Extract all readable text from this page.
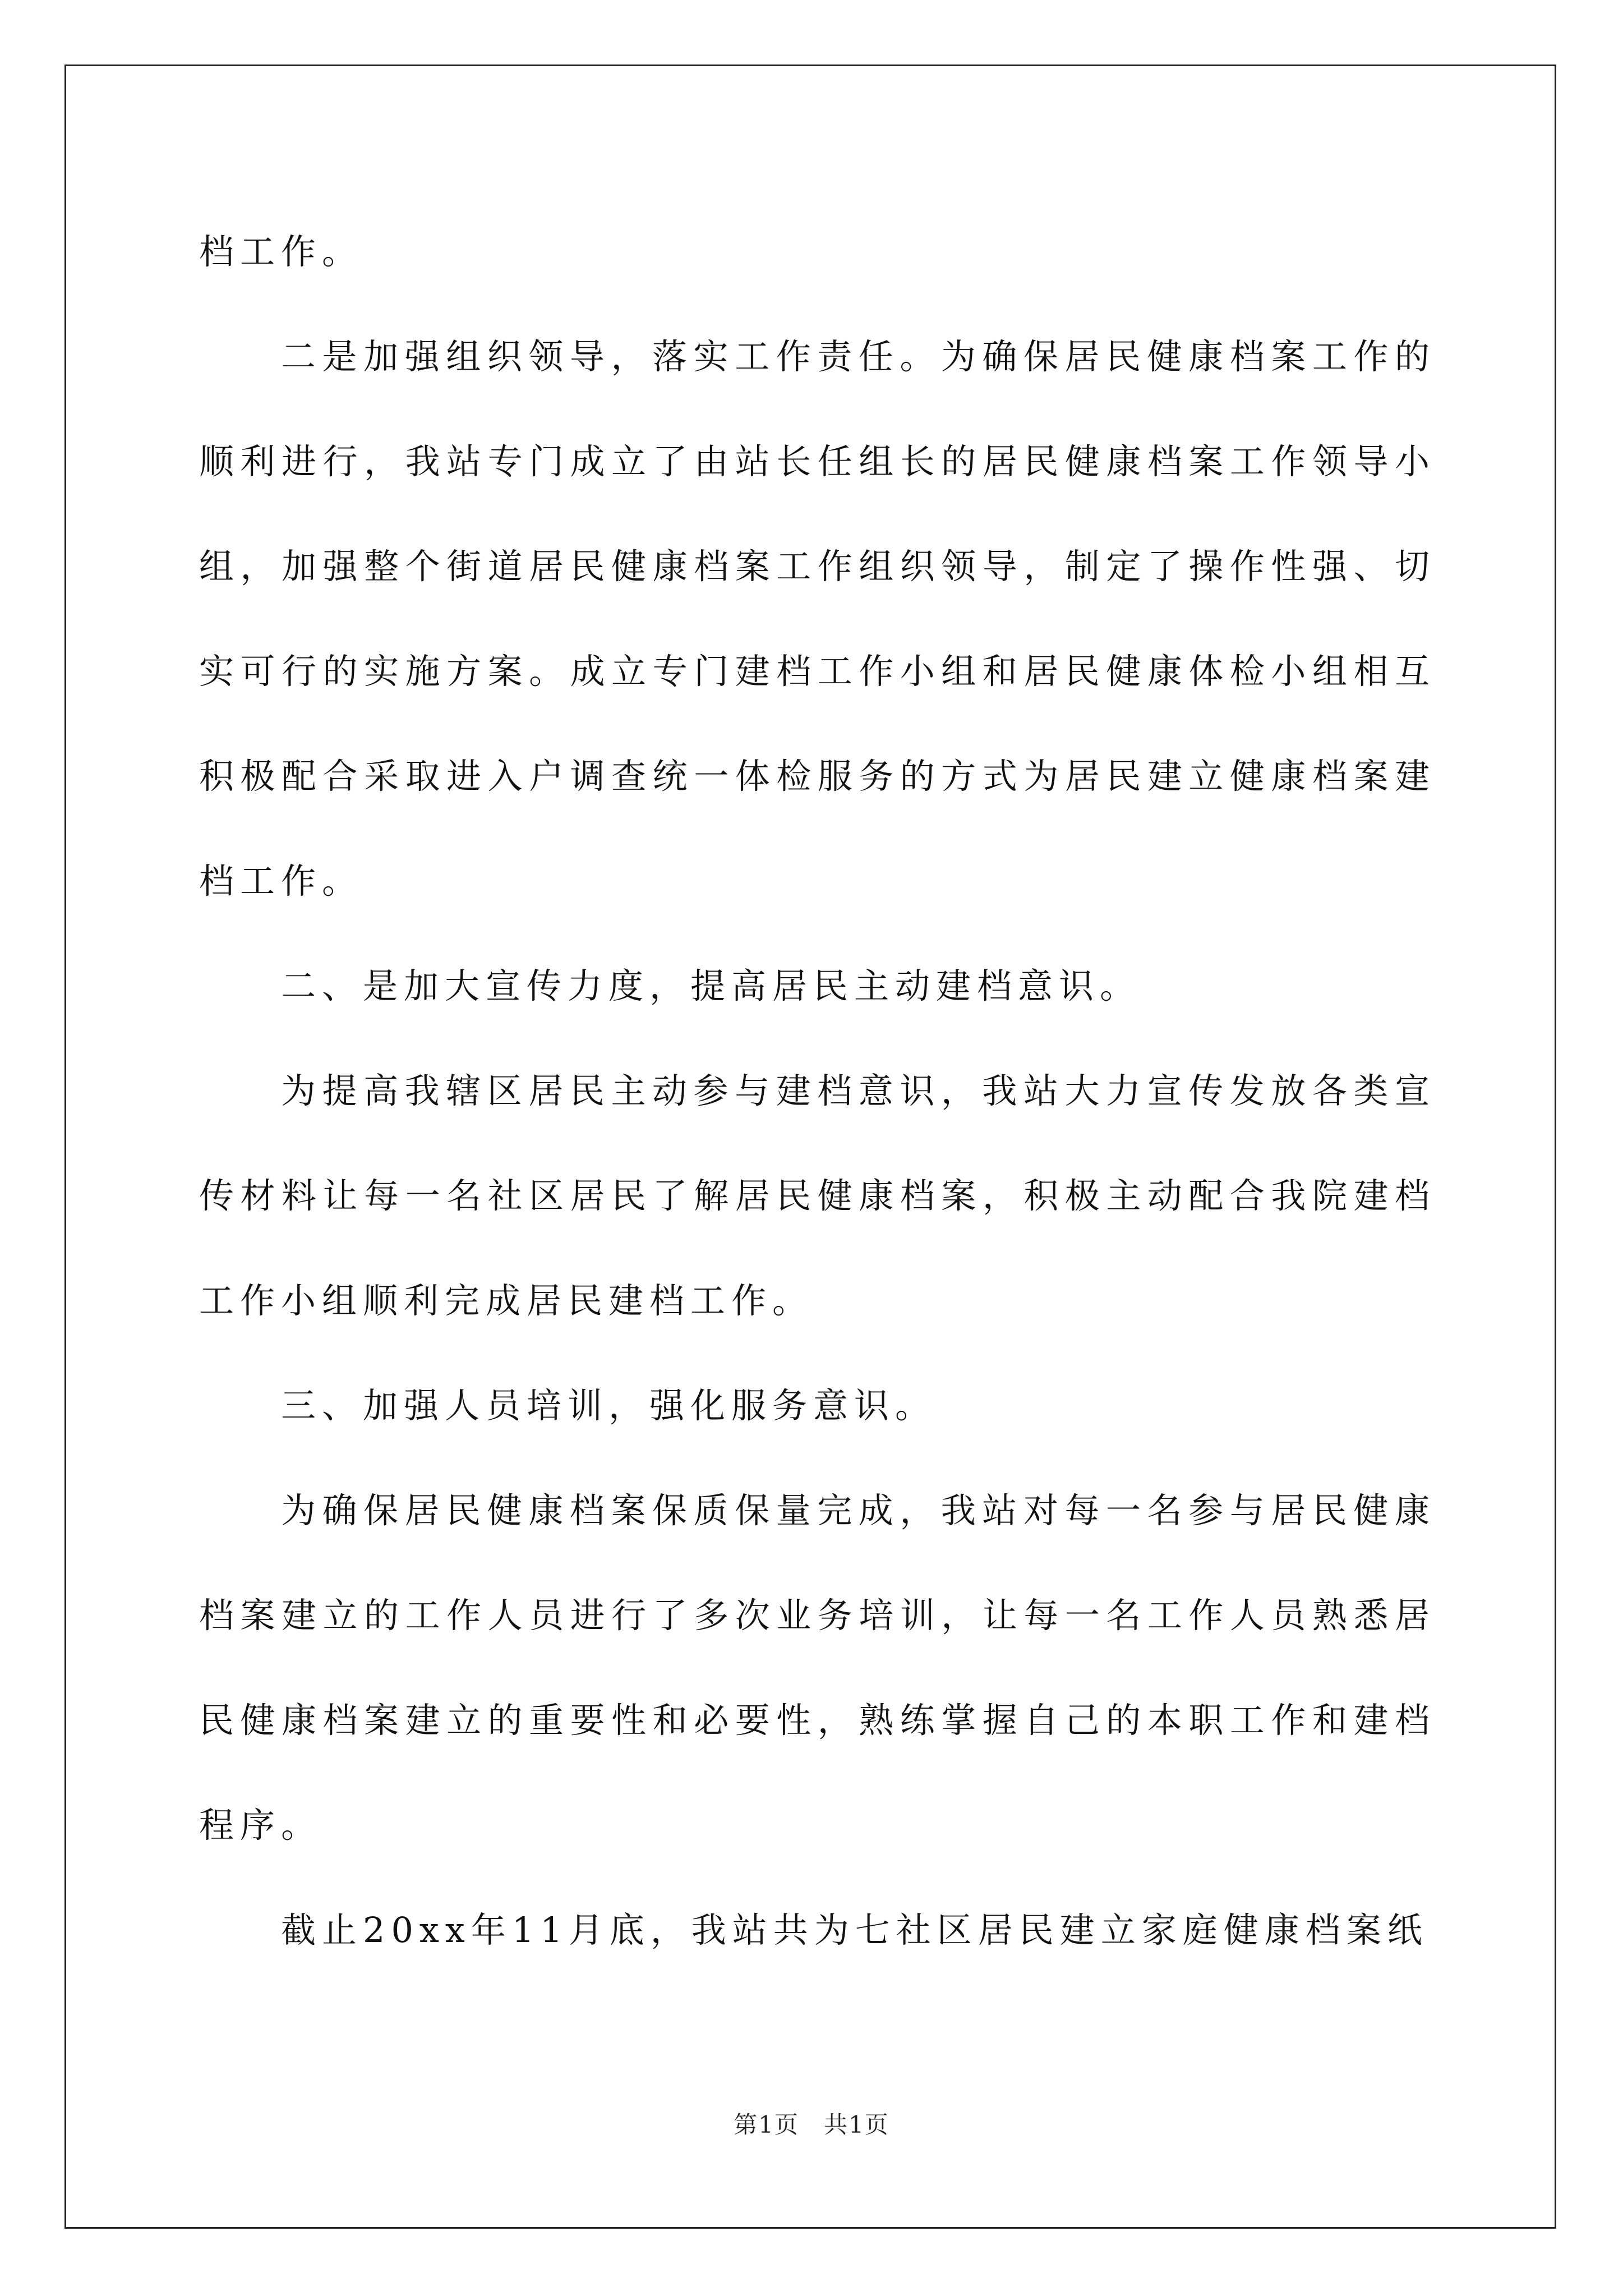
档工作。

二是加强组织领导，落实工作责任。为确保居民健康档案工作的顺利进行，我站专门成立了由站长任组长的居民健康档案工作领导小组，加强整个街道居民健康档案工作组织领导，制定了操作性强、切实可行的实施方案。成立专门建档工作小组和居民健康体检小组相互积极配合采取进入户调查统一体检服务的方式为居民建立健康档案建档工作。

二、是加大宣传力度，提高居民主动建档意识。

为提高我辖区居民主动参与建档意识，我站大力宣传发放各类宣传材料让每一名社区居民了解居民健康档案，积极主动配合我院建档工作小组顺利完成居民建档工作。

三、加强人员培训，强化服务意识。

为确保居民健康档案保质保量完成，我站对每一名参与居民健康档案建立的工作人员进行了多次业务培训，让每一名工作人员熟悉居民健康档案建立的重要性和必要性，熟练掌握自己的本职工作和建档程序。

截止20xx年11月底，我站共为七社区居民建立家庭健康档案纸

第1页　共1页
